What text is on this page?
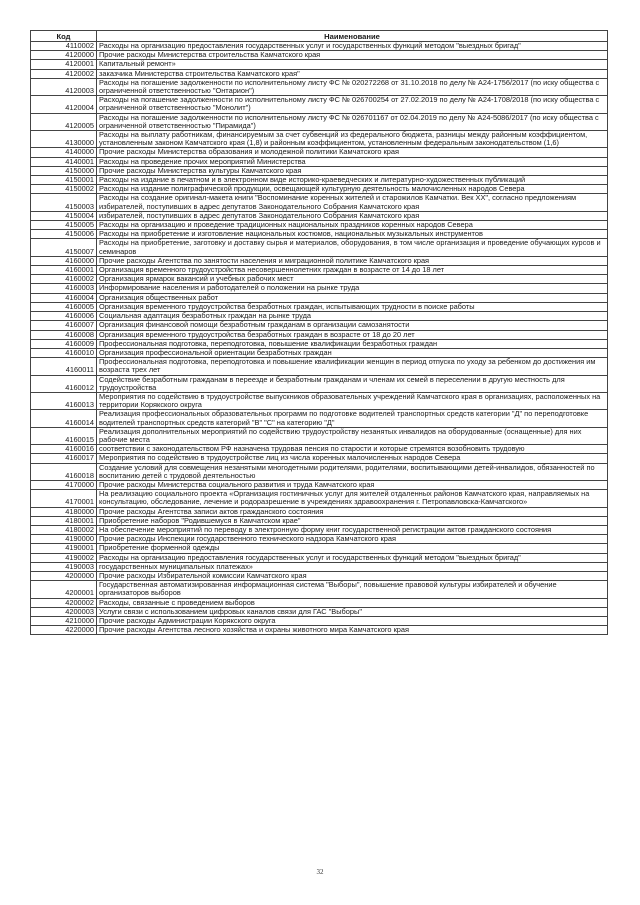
Код	Наименование
4110002	Расходы на организацию предоставления государственных услуг и государственных функций методом "выездных бригад"
4120000	Прочие расходы Министерства строительства Камчатского края
4120001	Капитальный ремонт»
4120002	заказчика Министерства строительства Камчатского края"
4120003	Расходы на погашение задолженности по исполнительному листу ФС № 020272268 от 31.10.2018 по делу № А24-1756/2017 (по иску общества с ограниченной ответственностью "Онтарион")
4120004	Расходы на погашение задолженности по исполнительному листу ФС № 026700254 от 27.02.2019 по делу № А24-1708/2018 (по иску общества с ограниченной ответственностью "Монолит")
4120005	Расходы на погашение задолженности по исполнительному листу ФС № 026701167 от 02.04.2019 по делу № А24-5086/2017 (по иску общества с ограниченной ответственностью "Пирамида")
4130000	Расходы на выплату работникам, финансируемым за счет субвенций из федерального бюджета, разницы между районным коэффициентом, установленным законом Камчатского края (1,8) и районным коэффициентом, установленным федеральным законодательством (1,6)
4140000	Прочие расходы Министерства образования и молодежной политики Камчатского края
4140001	Расходы на проведение прочих мероприятий Министерства
4150000	Прочие расходы Министерства культуры Камчатского края
4150001	Расходы на издание в печатном и в электронном виде историко-краеведческих и литературно-художественных публикаций
4150002	Расходы на издание полиграфической продукции, освещающей культурную деятельность малочисленных народов Севера
4150003	Расходы на создание оригинал-макета книги "Воспоминание коренных жителей и старожилов Камчатки. Век XX", согласно предложениям избирателей, поступивших в адрес депутатов Законодательного Собрания Камчатского края
4150004	избирателей, поступивших в адрес депутатов Законодательного Собрания Камчатского края
4150005	Расходы на организацию и проведение традиционных национальных праздников коренных народов Севера
4150006	Расходы на приобретение и изготовление национальных костюмов, национальных музыкальных инструментов
4150007	Расходы на приобретение, заготовку и доставку сырья и материалов, оборудования, в том числе организация и проведение обучающих курсов и семинаров
4160000	Прочие расходы Агентства по занятости населения и миграционной политике Камчатского края
4160001	Организация временного трудоустройства несовершеннолетних граждан в возрасте от 14 до 18 лет
4160002	Организация ярмарок вакансий и учебных рабочих мест
4160003	Информирование населения и работодателей о положении на рынке труда
4160004	Организация общественных работ
4160005	Организация временного трудоустройства безработных граждан, испытывающих трудности в поиске работы
4160006	Социальная адаптация безработных граждан на рынке труда
4160007	Организация финансовой помощи безработным гражданам в организации самозанятости
4160008	Организация временного трудоустройства безработных граждан в возрасте от 18 до 20 лет
4160009	Профессиональная подготовка, переподготовка, повышение квалификации безработных граждан
4160010	Организация профессиональной ориентации безработных граждан
4160011	Профессиональная подготовка, переподготовка и повышение квалификации женщин в период отпуска по уходу за ребенком до достижения им возраста трех лет
4160012	Содействие безработным гражданам в переезде и безработным гражданам и членам их семей в переселении в другую местность для трудоустройства
4160013	Мероприятия по содействию в трудоустройстве выпускников образовательных учреждений Камчатского края в организациях, расположенных на территории Корякского округа
4160014	Реализация профессиональных образовательных программ по подготовке водителей транспортных средств категории "Д" по переподготовке водителей транспортных средств категорий "В" "С" на категорию "Д"
4160015	Реализация дополнительных мероприятий по содействию трудоустройству незанятых инвалидов на оборудованные (оснащенные) для них рабочие места
4160016	соответствии с законодательством РФ назначена трудовая пенсия по старости и которые стремятся возобновить трудовую
4160017	Мероприятия по содействию в трудоустройстве лиц из числа коренных малочисленных народов Севера
4160018	Создание условий для совмещения незанятыми многодетными родителями, родителями, воспитывающими детей-инвалидов, обязанностей по воспитанию детей с трудовой деятельностью
4170000	Прочие расходы Министерства социального развития и труда Камчатского края
4170001	На реализацию социального проекта «Организация гостиничных услуг для жителей отдаленных районов Камчатского края, направляемых на консультацию, обследование, лечение и родоразрешение в учреждениях здравоохранения г. Петропавловска-Камчатского»
4180000	Прочие расходы Агентства записи актов гражданского состояния
4180001	Приобретение наборов "Родившемуся в Камчатском крае"
4180002	На обеспечение мероприятий по переводу в электронную форму книг государственной регистрации актов гражданского состояния
4190000	Прочие расходы Инспекции государственного технического надзора Камчатского края
4190001	Приобретение форменной одежды
4190002	Расходы на организацию предоставления государственных услуг и государственных функций методом "выездных бригад"
4190003	государственных муниципальных платежах»
4200000	Прочие расходы Избирательной комиссии Камчатского края
4200001	Государственная автоматизированная информационная система "Выборы", повышение правовой культуры избирателей и обучение организаторов выборов
4200002	Расходы, связанные с проведением выборов
4200003	Услуги связи с использованием цифровых каналов связи для ГАС "Выборы"
4210000	Прочие расходы Администрации Корякского округа
4220000	Прочие расходы Агентства лесного хозяйства и охраны животного мира Камчатского края
32
